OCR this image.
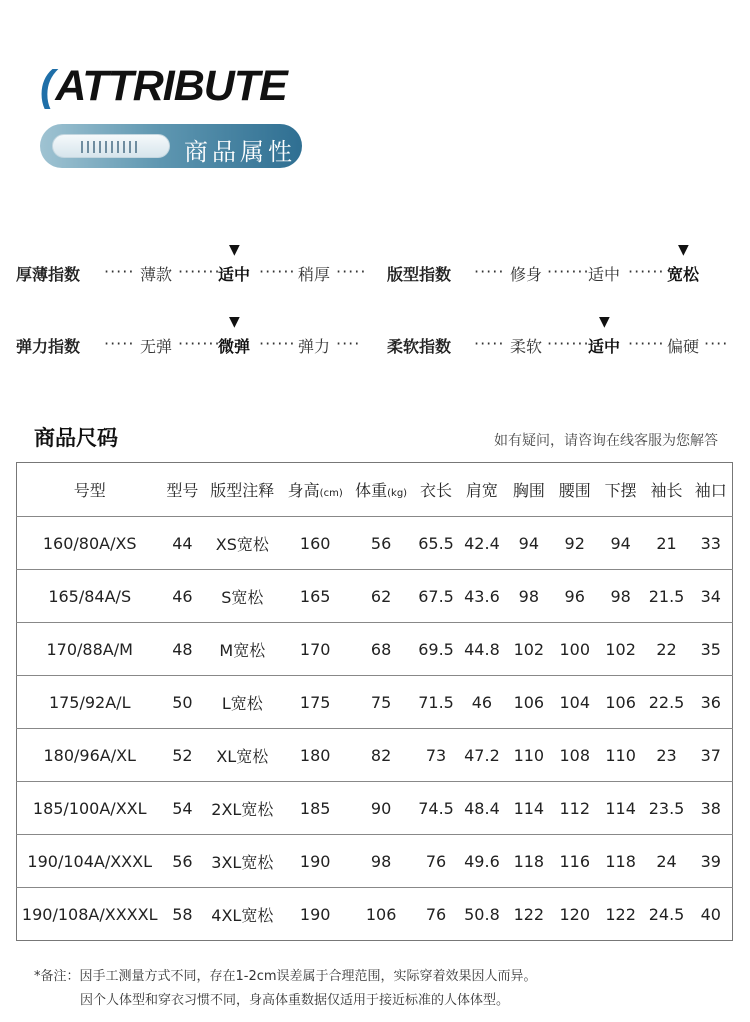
(ATTRIBUTE
商品属性
厚薄指数 ····· 薄款 ·······
适中 ······ 稍厚 ····· 版型指数 ····· 修身 ·······
适中 ······ 宽松
▼	▼
弹力指数 ····· 无弹 ·······
微弹 ······ 弹力 ···· 柔软指数 ····· 柔软 ·······
适中 ······ 偏硬 ····
▼	▼
商品尺码	如有疑问，请咨询在线客服为您解答
号型	型号	版型注释	身高(cm)	体重(kg)	衣长	肩宽	胸围	腰围	下摆	袖长	袖口
160/80A/XS	44	XS宽松	160	56	65.5	42.4	94	92	94	21	33
165/84A/S	46	S宽松	165	62	67.5	43.6	98	96	98	21.5	34
170/88A/M	48	M宽松	170	68	69.5	44.8	102	100	102	22	35
175/92A/L	50	L宽松	175	75	71.5	46	106	104	106	22.5	36
180/96A/XL	52	XL宽松	180	82	73	47.2	110	108	110	23	37
185/100A/XXL	54	2XL宽松	185	90	74.5	48.4	114	112	114	23.5	38
190/104A/XXXL	56	3XL宽松	190	98	76	49.6	118	116	118	24	39
190/108A/XXXXL	58	4XL宽松	190	106	76	50.8	122	120	122	24.5	40
*备注：因手工测量方式不同，存在1-2cm误差属于合理范围，实际穿着效果因人而异。
因个人体型和穿衣习惯不同，身高体重数据仅适用于接近标准的人体体型。
